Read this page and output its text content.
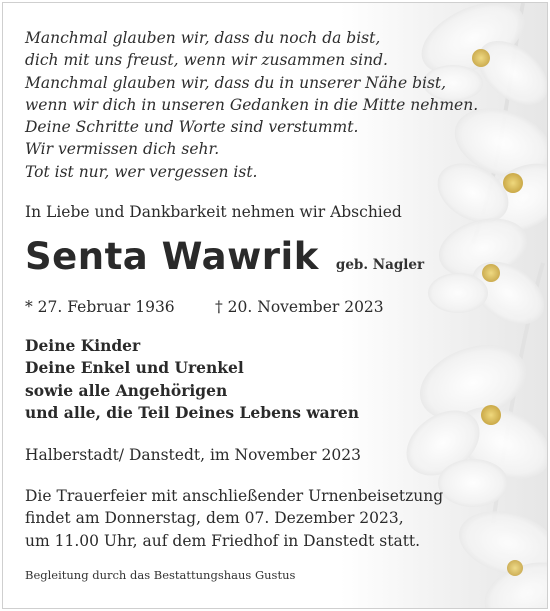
Manchmal glauben wir, dass du noch da bist,
dich mit uns freust, wenn wir zusammen sind.
Manchmal glauben wir, dass du in unserer Nähe bist,
wenn wir dich in unseren Gedanken in die Mitte nehmen.
Deine Schritte und Worte sind verstummt.
Wir vermissen dich sehr.
Tot ist nur, wer vergessen ist.
In Liebe und Dankbarkeit nehmen wir Abschied
Senta Wawrik geb. Nagler
* 27. Februar 1936	† 20. November 2023
Deine Kinder
Deine Enkel und Urenkel
sowie alle Angehörigen
und alle, die Teil Deines Lebens waren
Halberstadt/ Danstedt, im November 2023
Die Trauerfeier mit anschließender Urnenbeisetzung
findet am Donnerstag, dem 07. Dezember 2023,
um 11.00 Uhr, auf dem Friedhof in Danstedt statt.
Begleitung durch das Bestattungshaus Gustus
